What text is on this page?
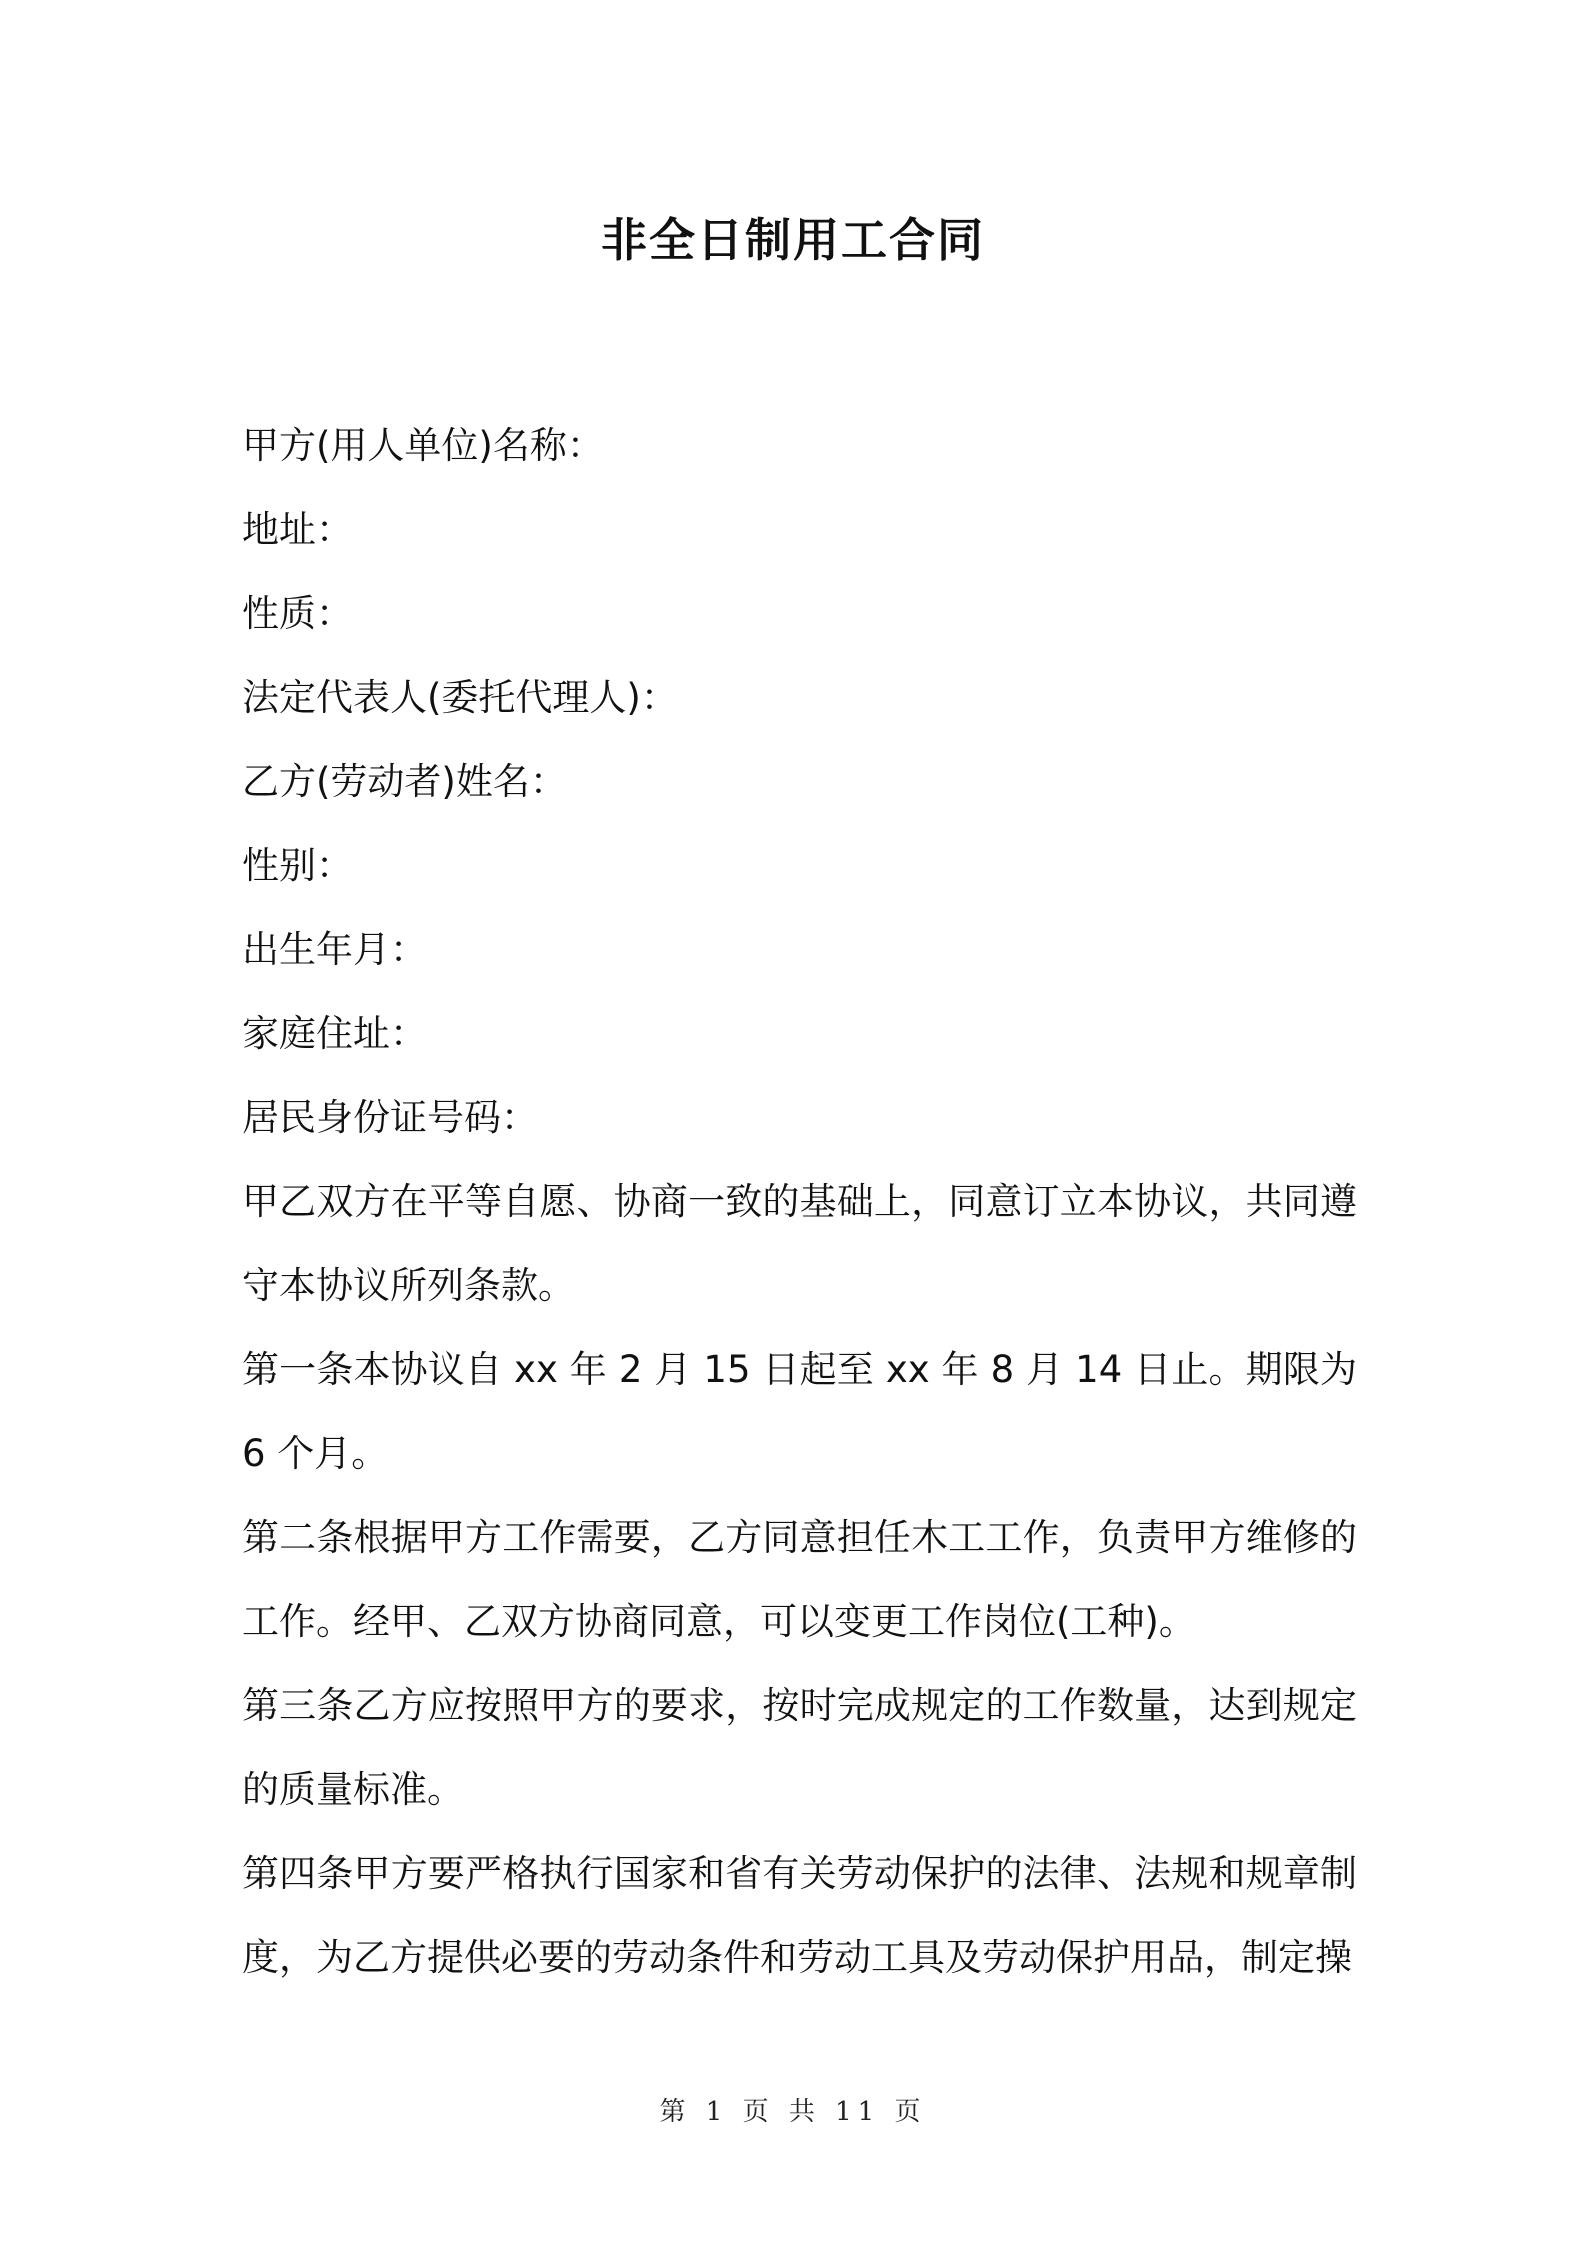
非全日制用工合同
甲方(用人单位)名称：
地址：
性质：
法定代表人(委托代理人)：
乙方(劳动者)姓名：
性别：
出生年月：
家庭住址：
居民身份证号码：

甲乙双方在平等自愿、协商一致的基础上，同意订立本协议，共同遵守本协议所列条款。

第一条本协议自 xx 年 2 月 15 日起至 xx 年 8 月 14 日止。期限为 6 个月。

第二条根据甲方工作需要，乙方同意担任木工工作，负责甲方维修的工作。经甲、乙双方协商同意，可以变更工作岗位(工种)。

第三条乙方应按照甲方的要求，按时完成规定的工作数量，达到规定的质量标准。

第四条甲方要严格执行国家和省有关劳动保护的法律、法规和规章制度，为乙方提供必要的劳动条件和劳动工具及劳动保护用品，制定操

第 1 页 共 11 页
